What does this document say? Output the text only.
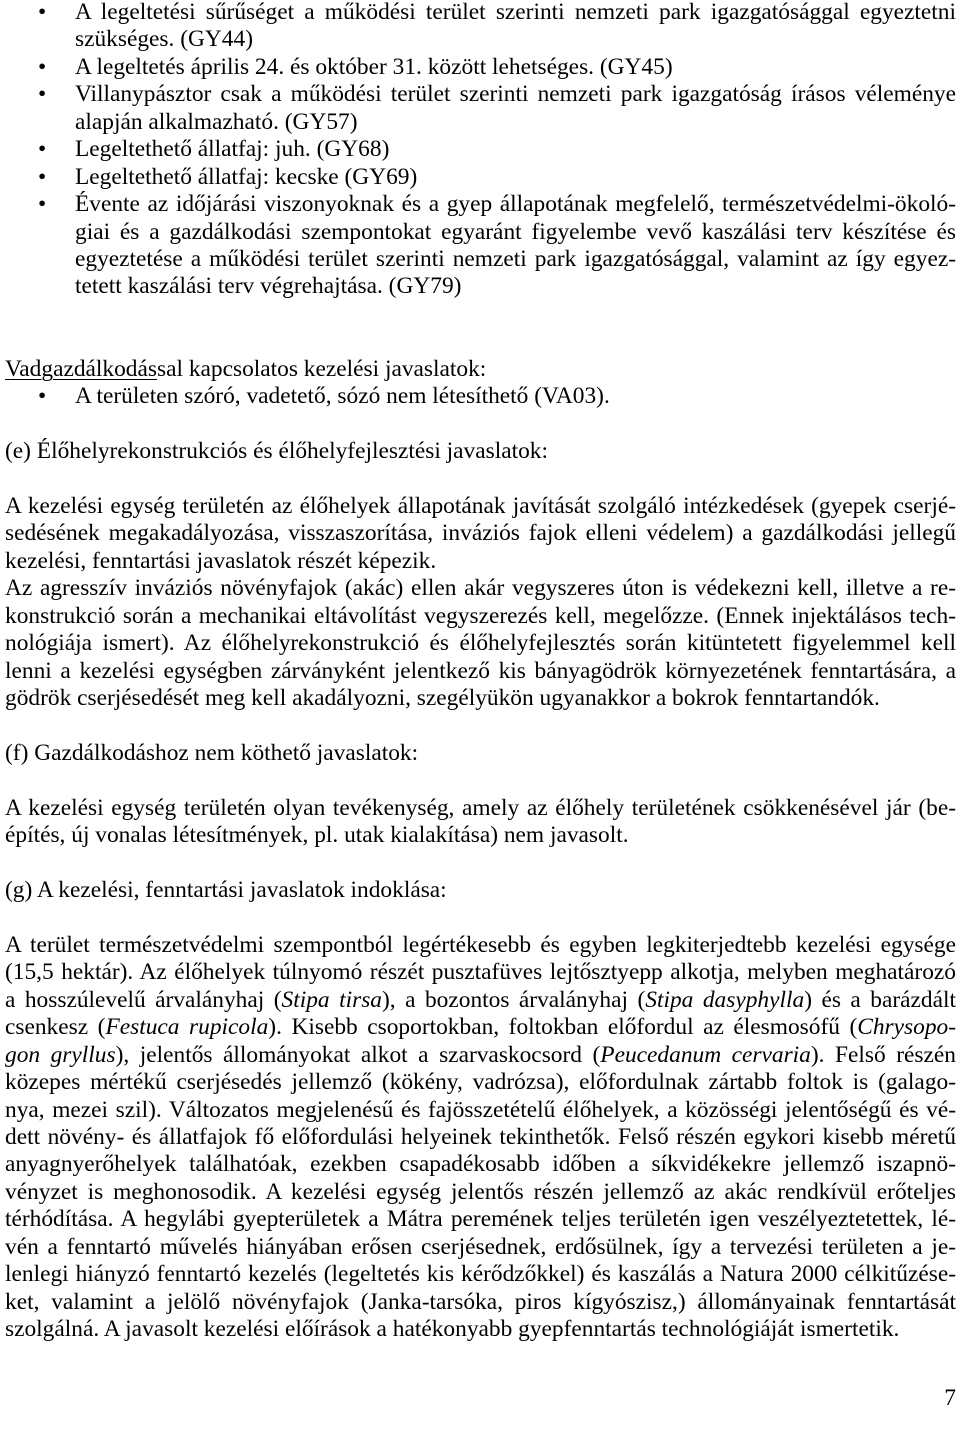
• A legeltetési sűrűséget a működési terület szerinti nemzeti park igazgatósággal egyeztetni
szükséges. (GY44)
• A legeltetés április 24. és október 31. között lehetséges. (GY45)
• Villanypásztor csak a működési terület szerinti nemzeti park igazgatóság írásos véleménye
alapján alkalmazható. (GY57)
• Legeltethető állatfaj: juh. (GY68)
• Legeltethető állatfaj: kecske (GY69)
• Évente az időjárási viszonyoknak és a gyep állapotának megfelelő, természetvédelmi-ökoló-
giai és a gazdálkodási szempontokat egyaránt figyelembe vevő kaszálási terv készítése és
egyeztetése a működési terület szerinti nemzeti park igazgatósággal, valamint az így egyez-
tetett kaszálási terv végrehajtása. (GY79)
Vadgazdálkodással kapcsolatos kezelési javaslatok:
• A területen szóró, vadetető, sózó nem létesíthető (VA03).
(e) Élőhelyrekonstrukciós és élőhelyfejlesztési javaslatok:
A kezelési egység területén az élőhelyek állapotának javítását szolgáló intézkedések (gyepek cserjé-
sedésének megakadályozása, visszaszorítása, inváziós fajok elleni védelem) a gazdálkodási jellegű
kezelési, fenntartási javaslatok részét képezik.
Az agresszív inváziós növényfajok (akác) ellen akár vegyszeres úton is védekezni kell, illetve a re-
konstrukció során a mechanikai eltávolítást vegyszerezés kell, megelőzze. (Ennek injektálásos tech-
nológiája ismert). Az élőhelyrekonstrukció és élőhelyfejlesztés során kitüntetett figyelemmel kell
lenni a kezelési egységben zárványként jelentkező kis bányagödrök környezetének fenntartására, a
gödrök cserjésedését meg kell akadályozni, szegélyükön ugyanakkor a bokrok fenntartandók.
(f) Gazdálkodáshoz nem köthető javaslatok:
A kezelési egység területén olyan tevékenység, amely az élőhely területének csökkenésével jár (be-
építés, új vonalas létesítmények, pl. utak kialakítása) nem javasolt.
(g) A kezelési, fenntartási javaslatok indoklása:
A terület természetvédelmi szempontból legértékesebb és egyben legkiterjedtebb kezelési egysége
(15,5 hektár). Az élőhelyek túlnyomó részét pusztafüves lejtősztyepp alkotja, melyben meghatározó
a hosszúlevelű árvalányhaj (Stipa tirsa), a bozontos árvalányhaj (Stipa dasyphylla) és a barázdált
csenkesz (Festuca rupicola). Kisebb csoportokban, foltokban előfordul az élesmosófű (Chrysopo-
gon gryllus), jelentős állományokat alkot a szarvaskocsord (Peucedanum cervaria). Felső részén
közepes mértékű cserjésedés jellemző (kökény, vadrózsa), előfordulnak zártabb foltok is (galago-
nya, mezei szil). Változatos megjelenésű és fajösszetételű élőhelyek, a közösségi jelentőségű és vé-
dett növény- és állatfajok fő előfordulási helyeinek tekinthetők. Felső részén egykori kisebb méretű
anyagnyerőhelyek találhatóak, ezekben csapadékosabb időben a síkvidékekre jellemző iszapnö-
vényzet is meghonosodik. A kezelési egység jelentős részén jellemző az akác rendkívül erőteljes
térhódítása. A hegylábi gyepterületek a Mátra peremének teljes területén igen veszélyeztetettek, lé-
vén a fenntartó művelés hiányában erősen cserjésednek, erdősülnek, így a tervezési területen a je-
lenlegi hiányzó fenntartó kezelés (legeltetés kis kérődzőkkel) és kaszálás a Natura 2000 célkitűzése-
ket, valamint a jelölő növényfajok (Janka-tarsóka, piros kígyószisz,) állományainak fenntartását
szolgálná. A javasolt kezelési előírások a hatékonyabb gyepfenntartás technológiáját ismertetik.
7
